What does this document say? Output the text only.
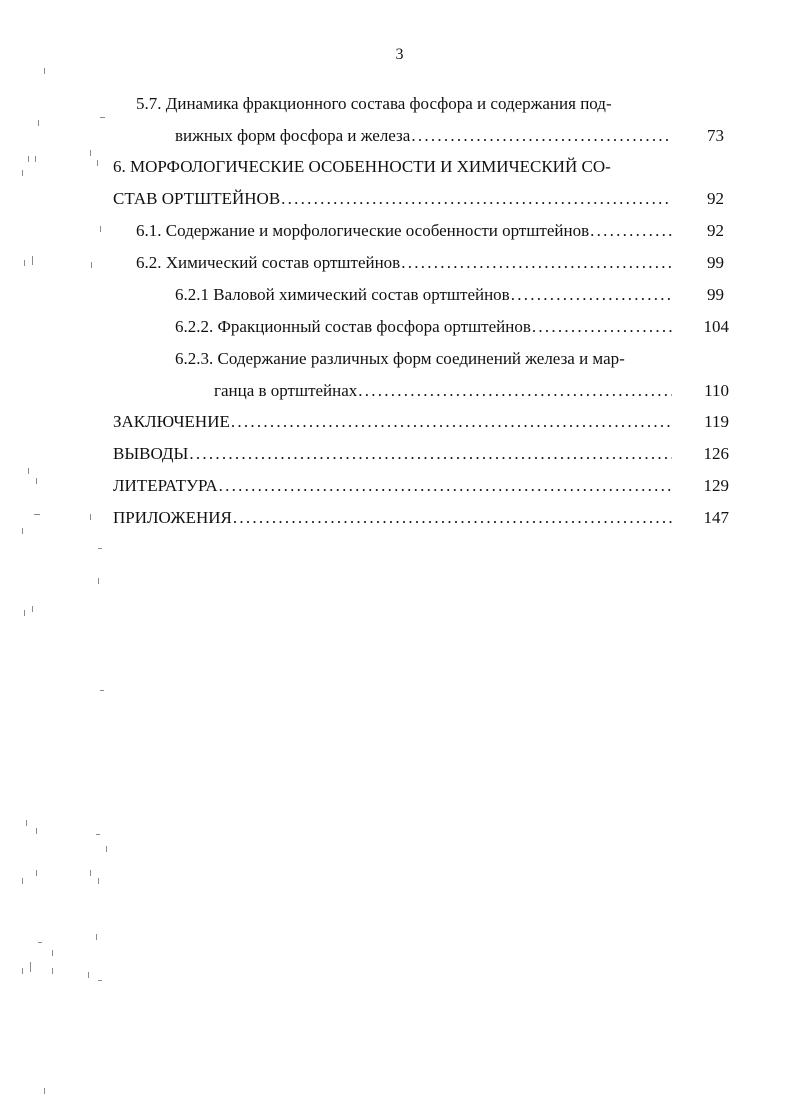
3
5.7. Динамика фракционного состава фосфора и содержания под-
вижных форм фосфора и железа . . .	73
6. МОРФОЛОГИЧЕСКИЕ ОСОБЕННОСТИ И ХИМИЧЕСКИЙ СО-
СТАВ ОРТШТЕЙНОВ . . .	92
6.1. Содержание и морфологические особенности ортштейнов . . .	92
6.2. Химический состав ортштейнов . . .	99
6.2.1 Валовой химический состав ортштейнов . . .	99
6.2.2. Фракционный состав фосфора ортштейнов . . .	104
6.2.3. Содержание различных форм соединений железа и мар-
ганца в ортштейнах . . .	110
ЗАКЛЮЧЕНИЕ . . .	119
ВЫВОДЫ . . .	126
ЛИТЕРАТУРА . . .	129
ПРИЛОЖЕНИЯ . . .	147
